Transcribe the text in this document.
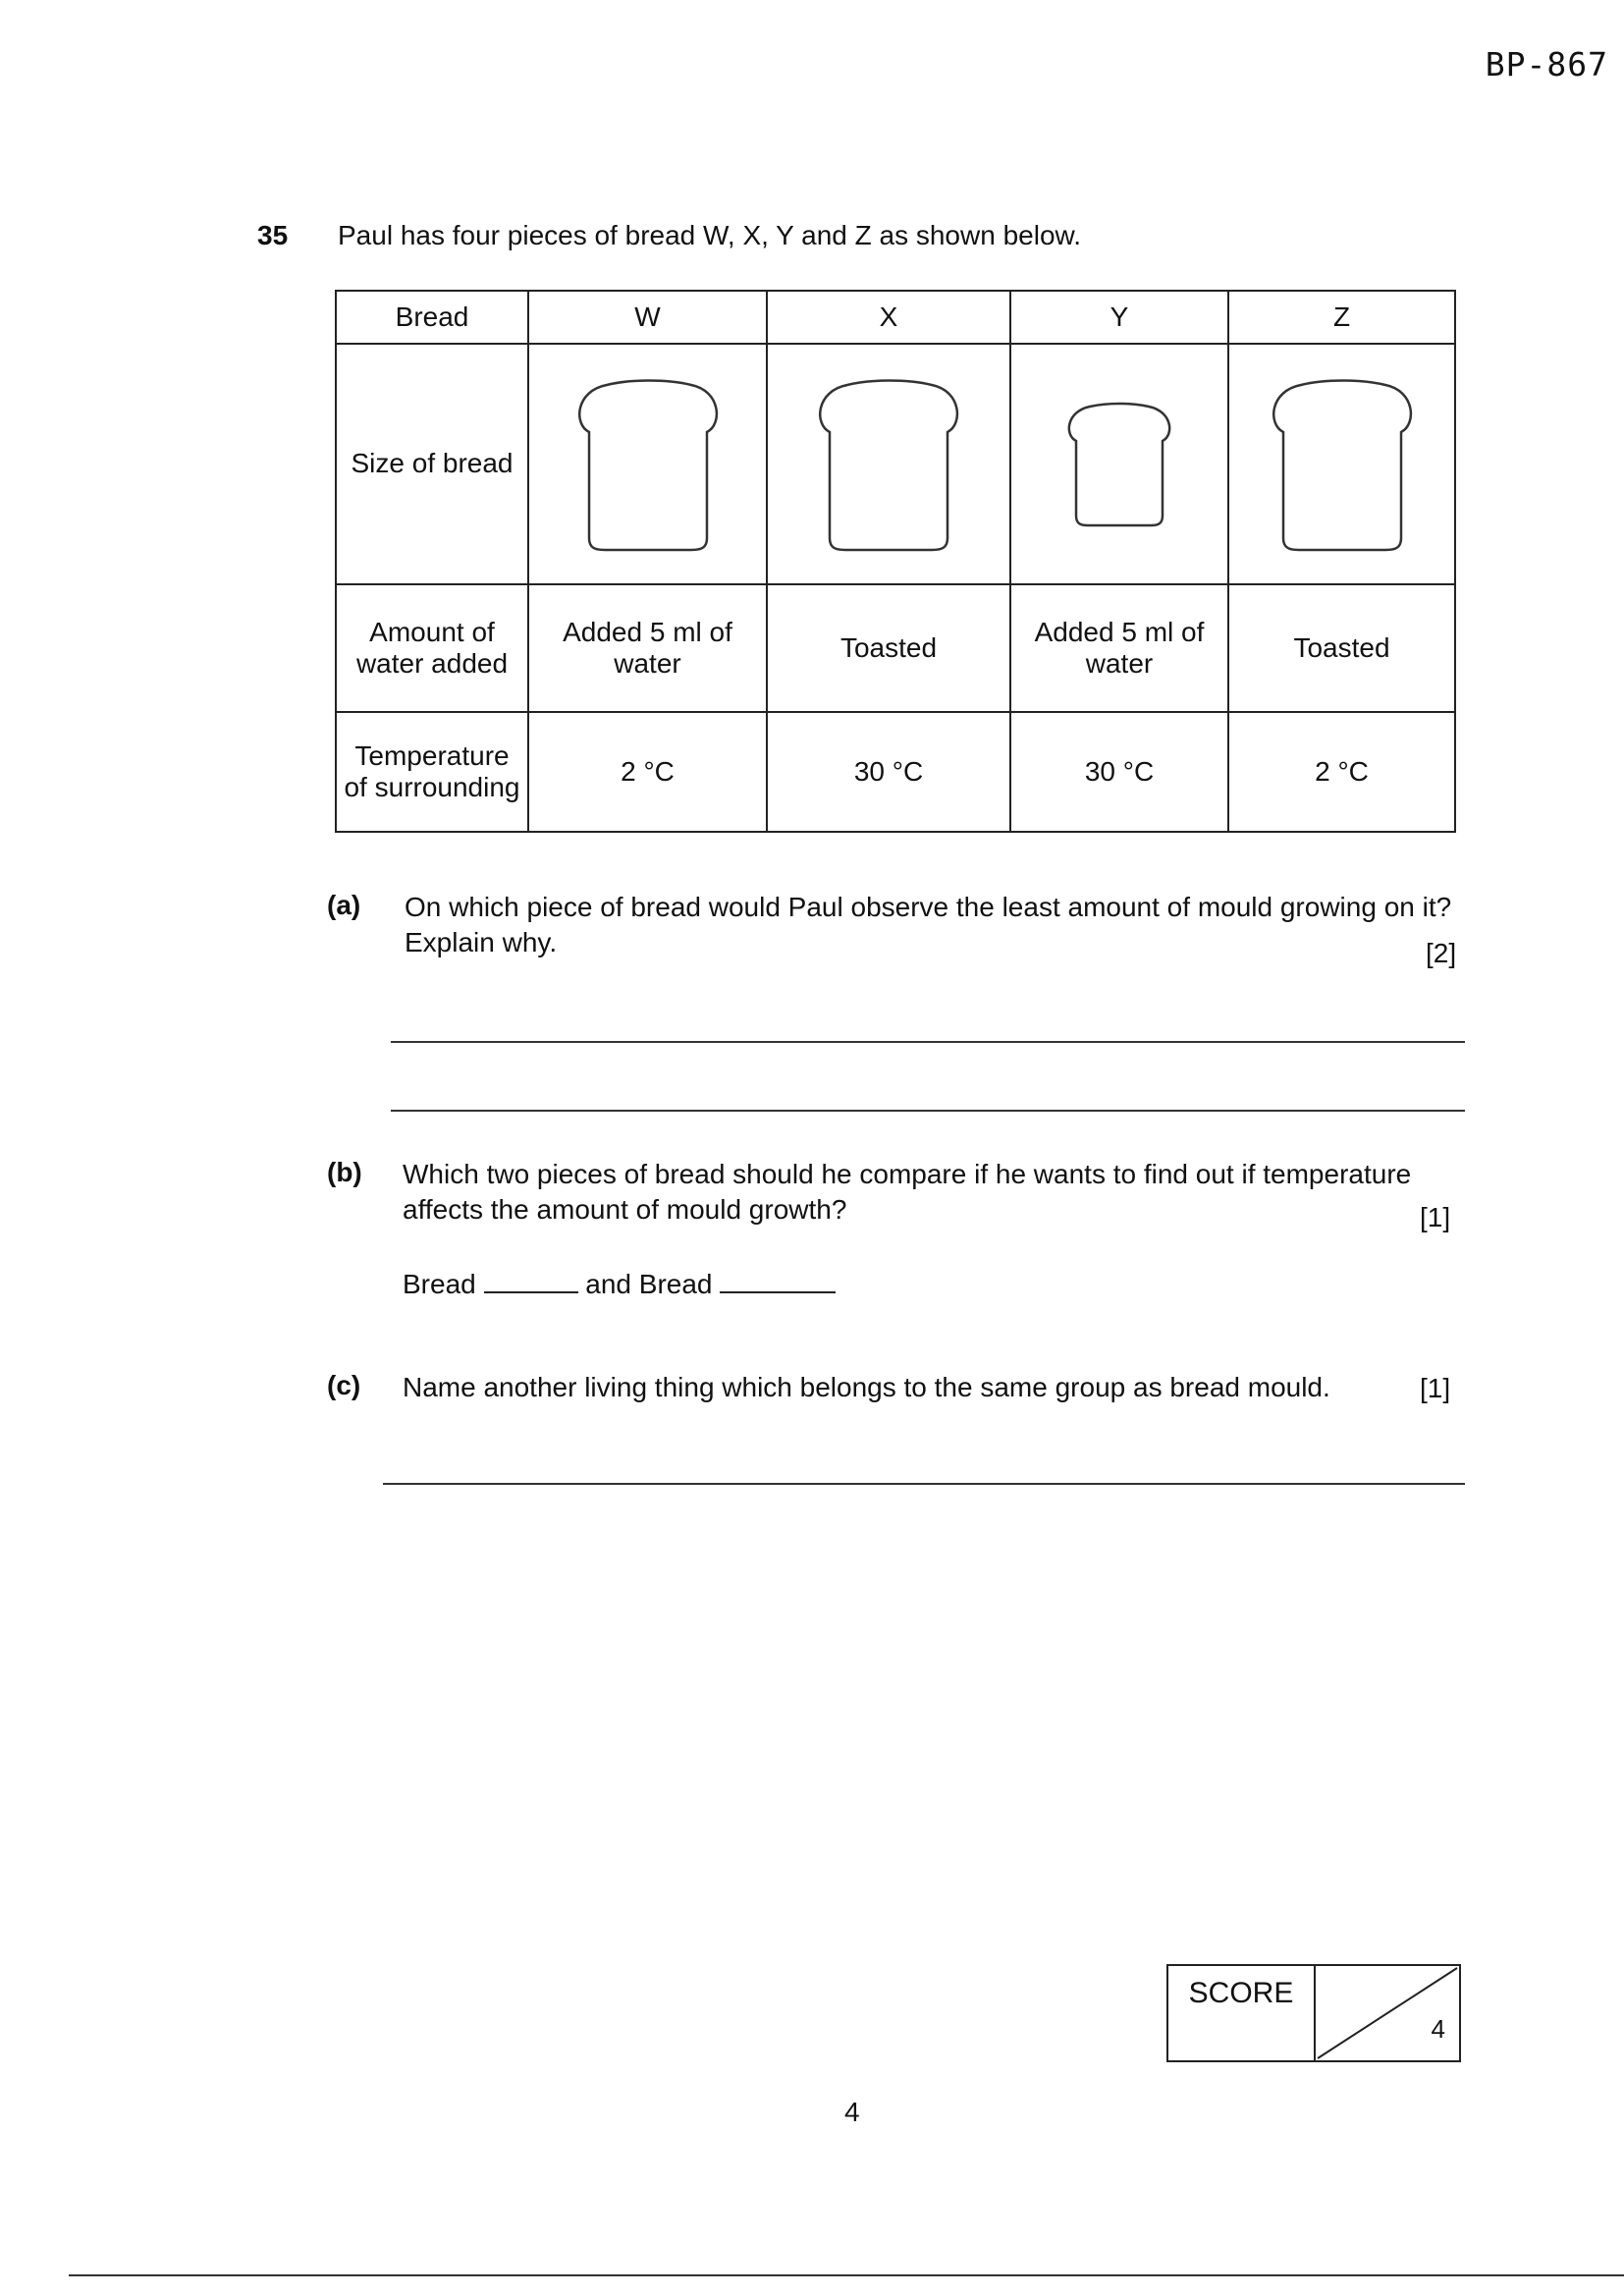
BP-867
35 Paul has four pieces of bread W, X, Y and Z as shown below.
Bread	W	X	Y	Z
Size of bread	

Amount of water added	Added 5 ml of water	Toasted	Added 5 ml of water	Toasted
Temperature of surrounding	2 °C	30 °C	30 °C	2 °C
(a) On which piece of bread would Paul observe the least amount of mould growing on it? Explain why.	[2]
(b) Which two pieces of bread should he compare if he wants to find out if temperature affects the amount of mould growth?	[1]
Bread	and Bread
(c) Name another living thing which belongs to the same group as bread mould.	[1]
SCORE
4
4
